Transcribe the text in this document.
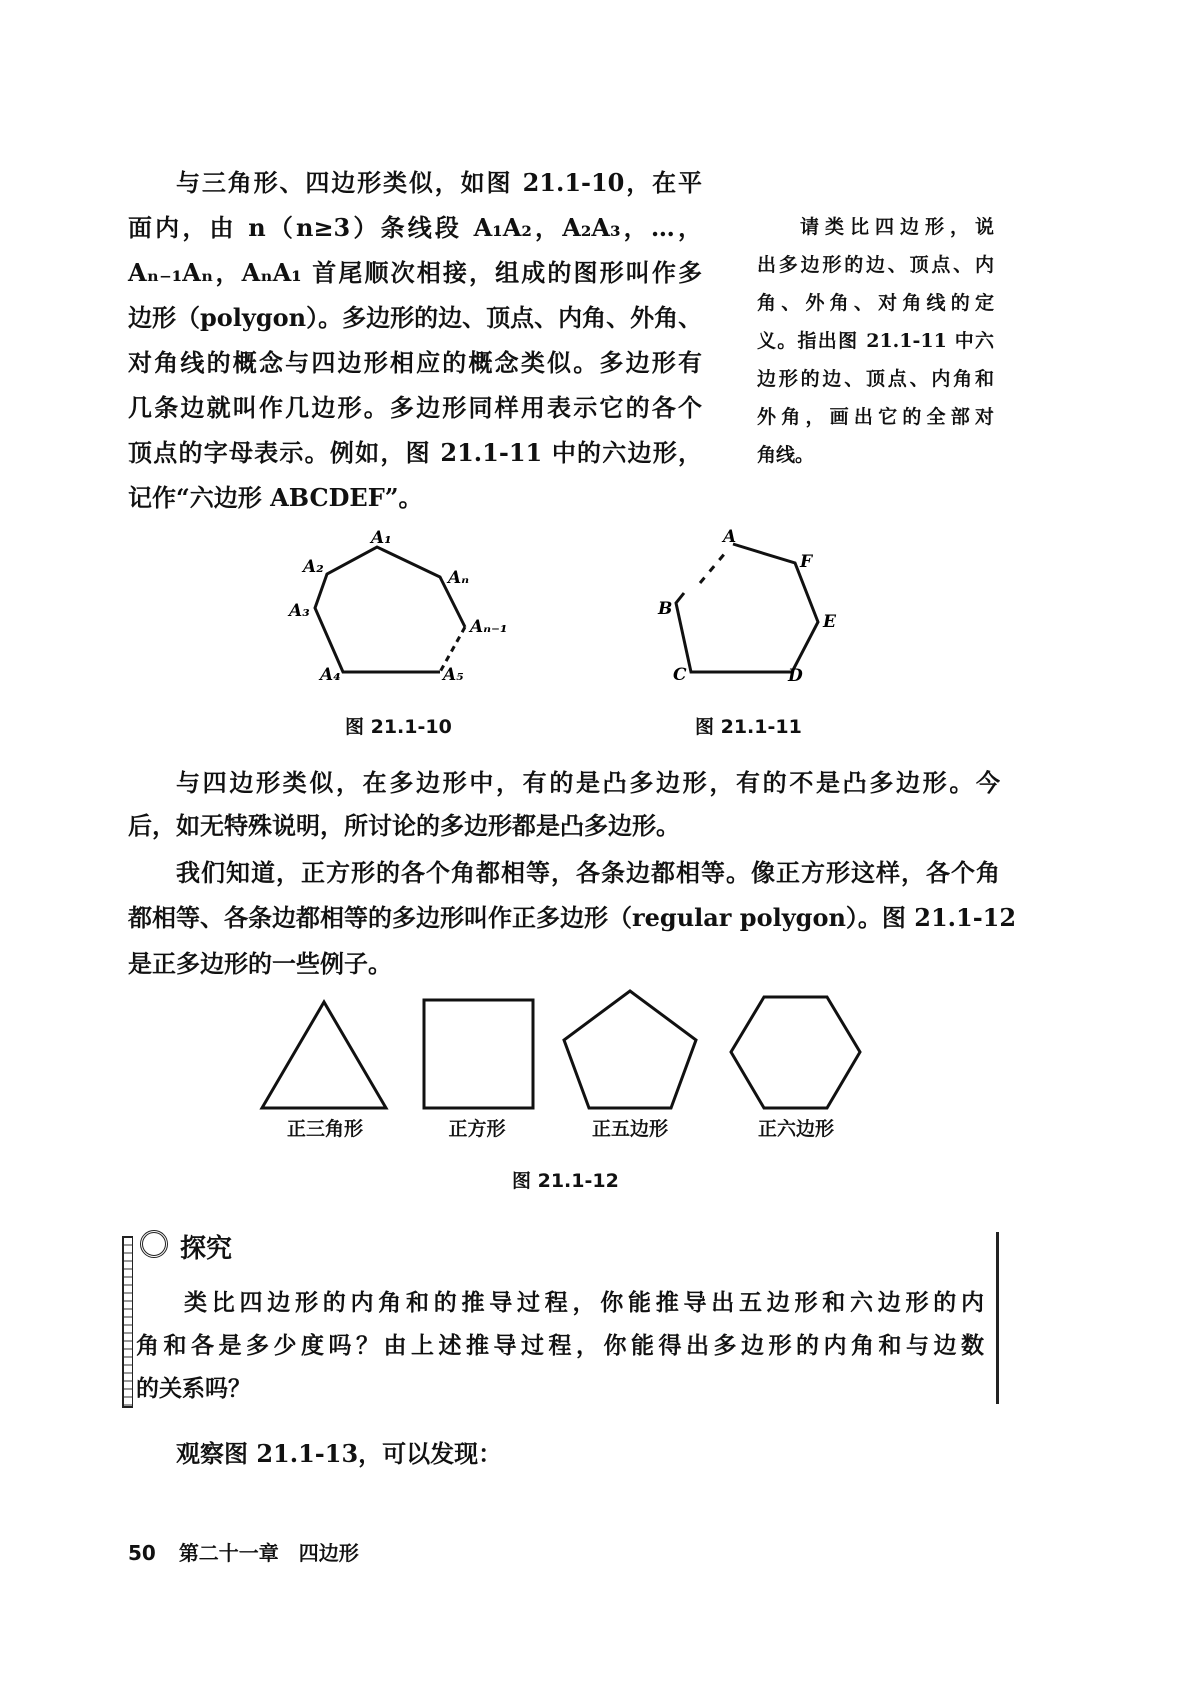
与三角形、四边形类似，如图 21.1-10，在平
面内，由 n（n≥3）条线段 A₁A₂，A₂A₃，…，
Aₙ₋₁Aₙ，AₙA₁ 首尾顺次相接，组成的图形叫作多
边形（polygon）。多边形的边、顶点、内角、外角、
对角线的概念与四边形相应的概念类似。多边形有
几条边就叫作几边形。多边形同样用表示它的各个
顶点的字母表示。例如，图 21.1-11 中的六边形，
记作“六边形 ABCDEF”。
请类比四边形，说
出多边形的边、顶点、内
角、外角、对角线的定
义。指出图 21.1-11 中六
边形的边、顶点、内角和
外角，画出它的全部对
角线。
A₁
A₂
A₃
A₄	A₅
Aₙ₋₁
Aₙ
A
F
E
D
C
B
图 21.1-10	图 21.1-11
与四边形类似，在多边形中，有的是凸多边形，有的不是凸多边形。今
后，如无特殊说明，所讨论的多边形都是凸多边形。
我们知道，正方形的各个角都相等，各条边都相等。像正方形这样，各个角
都相等、各条边都相等的多边形叫作正多边形（regular polygon）。图 21.1-12
是正多边形的一些例子。
正三角形	正方形	正五边形	正六边形
图 21.1-12
探究
类比四边形的内角和的推导过程，你能推导出五边形和六边形的内
角和各是多少度吗？由上述推导过程，你能得出多边形的内角和与边数
的关系吗？
观察图 21.1-13，可以发现：
50 第二十一章　四边形
